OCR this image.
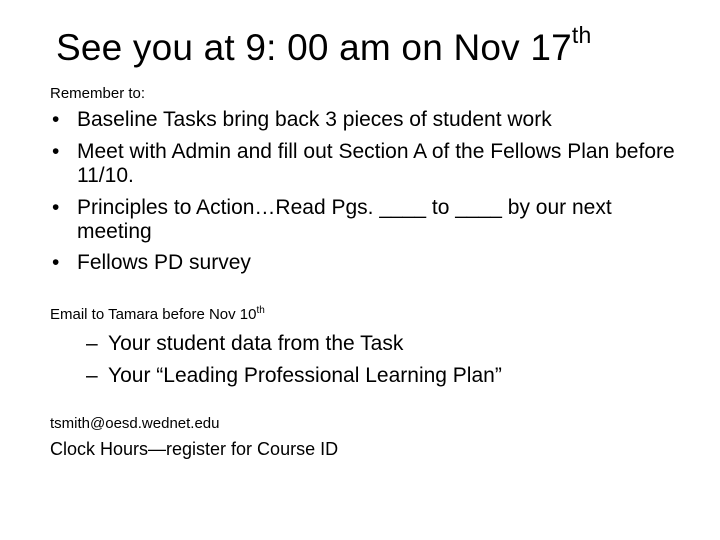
See you at 9: 00 am on Nov 17th
Remember to:
• Baseline Tasks bring back 3 pieces of student work
• Meet with Admin and fill out Section A of the Fellows Plan before 11/10.
• Principles to Action…Read Pgs. ____ to ____ by our next meeting
• Fellows PD survey
Email to Tamara before Nov 10th
– Your student data from the Task
– Your “Leading Professional Learning Plan”
tsmith@oesd.wednet.edu
Clock Hours—register for Course ID
